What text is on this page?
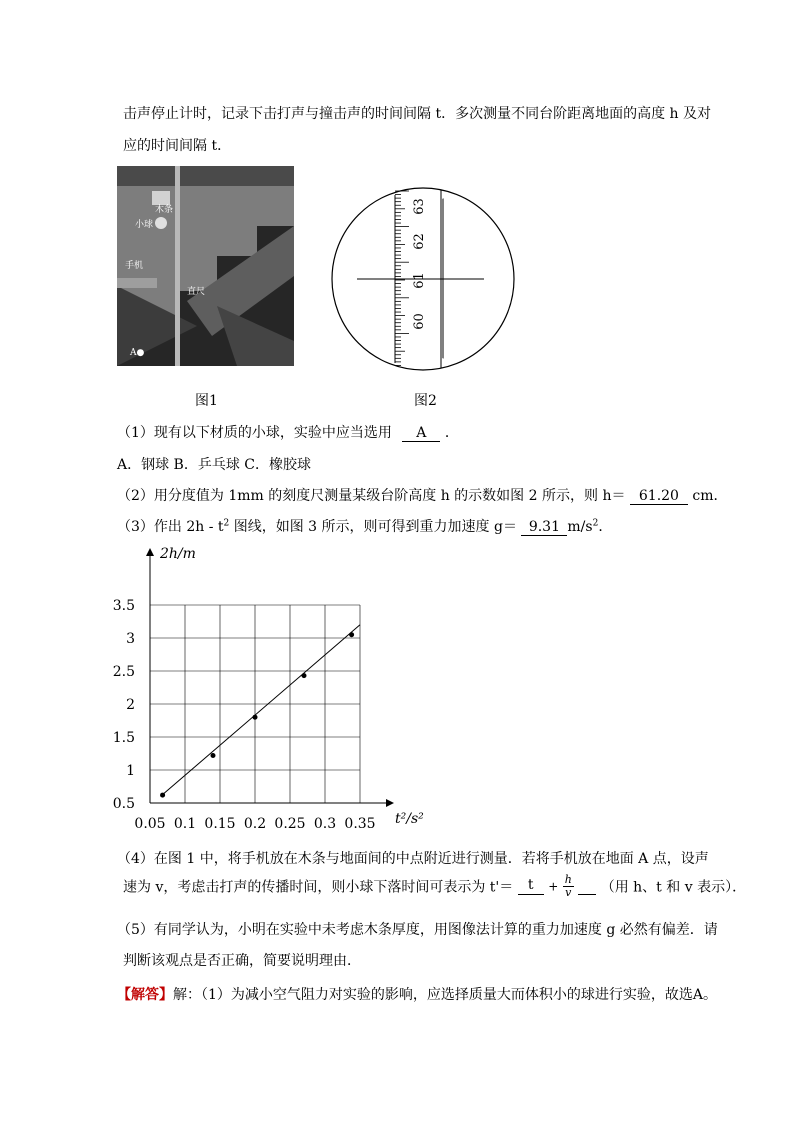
击声停止计时，记录下击打声与撞击声的时间间隔 t．多次测量不同台阶距离地面的高度 h 及对
应的时间间隔 t．
木条
小球
手机
直尺
A●
63
62
61
60
图1	图2
（1）现有以下材质的小球，实验中应当选用 A ．
A．钢球 B．乒乓球 C．橡胶球
（2）用分度值为 1mm 的刻度尺测量某级台阶高度 h 的示数如图 2 所示，则 h＝ 61.20 cm．
（3）作出 $2h - t^2$ 图线，如图 3 所示，则可得到重力加速度 g＝ 9.31 $m/s^2$．
0.05 0.1 0.15 0.2 0.25 0.3 0.35
0.5
1
1.5
2
2.5
3
3.5
2h/m
t²/s²
（4）在图 1 中，将手机放在木条与地面间的中点附近进行测量．若将手机放在地面 A 点，设声
速为 v，考虑击打声的传播时间，则小球下落时间可表示为 $t'= t + \frac{h}{v}$ （用 h、t 和 v 表示）．
（5）有同学认为，小明在实验中未考虑木条厚度，用图像法计算的重力加速度 g 必然有偏差．请
判断该观点是否正确，简要说明理由．
【解答】解：（1）为减小空气阻力对实验的影响，应选择质量大而体积小的球进行实验，故选A。
